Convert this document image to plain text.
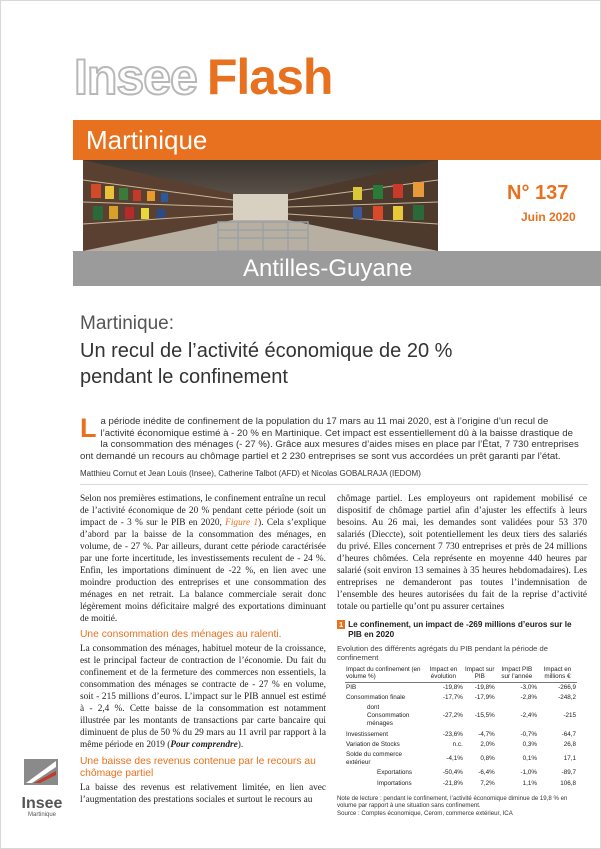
Insee Flash
Martinique
N° 137
Juin 2020
Antilles-Guyane
Martinique:
Un recul de l’activité économique de 20 % pendant le confinement
La période inédite de confinement de la population du 17 mars au 11 mai 2020, est à l’origine d’un recul de l’activité économique estimé à - 20 % en Martinique. Cet impact est essentiellement dû à la baisse drastique de la consommation des ménages (- 27 %). Grâce aux mesures d’aides mises en place par l’État, 7 730 entreprises ont demandé un recours au chômage partiel et 2 230 entreprises se sont vus accordées un prêt garanti par l’état.
Matthieu Cornut et Jean Louis (Insee), Catherine Talbot (AFD) et Nicolas GOBALRAJA (IEDOM)

Selon nos premières estimations, le confinement entraîne un recul de l’activité économique de 20 % pendant cette période (soit un impact de - 3 % sur le PIB en 2020, Figure 1). Cela s’explique d’abord par la baisse de la consommation des ménages, en volume, de - 27 %. Par ailleurs, durant cette période caractérisée par une forte incertitude, les investissements reculent de - 24 %. Enfin, les importations diminuent de -22 %, en lien avec une moindre production des entreprises et une consommation des ménages en net retrait. La balance commerciale serait donc légèrement moins déficitaire malgré des exportations diminuant de moitié.

Une consommation des ménages au ralenti.

La consommation des ménages, habituel moteur de la croissance, est le principal facteur de contraction de l’économie. Du fait du confinement et de la fermeture des commerces non essentiels, la consommation des ménages se contracte de - 27 % en volume, soit - 215 millions d’euros. L’impact sur le PIB annuel est estimé à - 2,4 %. Cette baisse de la consommation est notamment illustrée par les montants de transactions par carte bancaire qui diminuent de plus de 50 % du 29 mars au 11 avril par rapport à la même période en 2019 (Pour comprendre).

Une baisse des revenus contenue par le recours au chômage partiel

La baisse des revenus est relativement limitée, en lien avec l’augmentation des prestations sociales et surtout le recours au

chômage partiel. Les employeurs ont rapidement mobilisé ce dispositif de chômage partiel afin d’ajuster les effectifs à leurs besoins. Au 26 mai, les demandes sont validées pour 53 370 salariés (Dieccte), soit potentiellement les deux tiers des salariés du privé. Elles concernent 7 730 entreprises et près de 24 millions d’heures chômées. Cela représente en moyenne 440 heures par salarié (soit environ 13 semaines à 35 heures hebdomadaires). Les entreprises ne demanderont pas toutes l’indemnisation de l’ensemble des heures autorisées du fait de la reprise d’activité totale ou partielle qu’ont pu assurer certaines

1 Le confinement, un impact de -269 millions d’euros sur le PIB en 2020
Evolution des différents agrégats du PIB pendant la période de confinement
Impact du confinement (en volume %)	Impact en évolution	Impact sur PIB	Impact PIB sur l’année	Impact en millions €
PIB	-19,8%	-19,8%	-3,0%	-266,9
Consommation finale	-17,7%	-17,9%	-2,8%	-248,2
dont Consommation ménages	-27,2%	-15,5%	-2,4%	-215
Investissement	-23,6%	-4,7%	-0,7%	-64,7
Variation de Stocks	n.c.	2,0%	0,3%	26,8
Solde du commerce extérieur	-4,1%	0,8%	0,1%	17,1
Exportations	-50,4%	-6,4%	-1,0%	-89,7
Importations	-21,8%	7,2%	1,1%	106,8
Note de lecture : pendant le confinement, l’activité économique diminue de 19,8 % en volume par rapport à une situation sans confinement.
Source : Comptes économique, Cerom, commerce extérieur, ICA
Insee
Martinique
